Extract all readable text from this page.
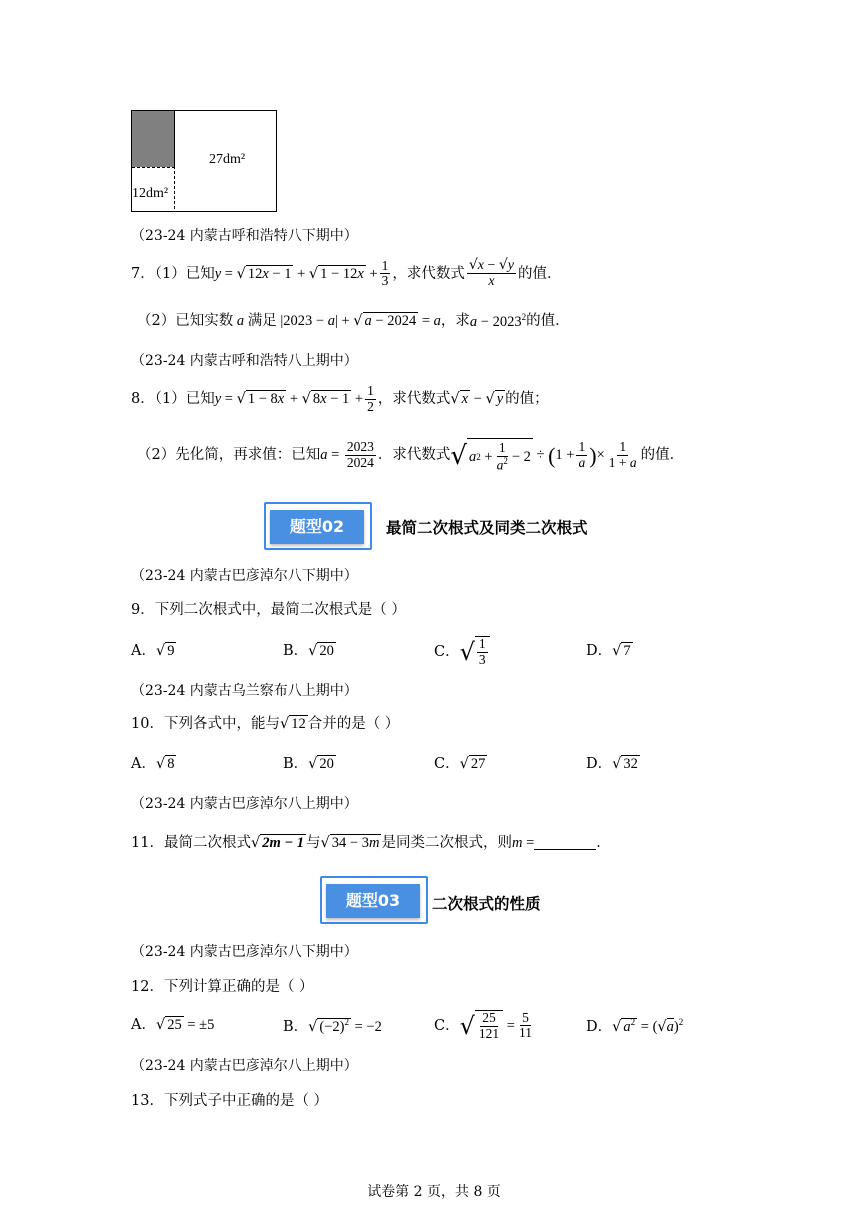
27dm²
12dm²
（23-24 内蒙古呼和浩特八下期中）
7．（1）已知 y = √ 12x − 1 + √ $1 - 12x + \frac{1}{3}$ ，求代数式 $\frac{√x - √y}{x}$ 的值．
（2）已知实数 a 满足 |2023 − a| + √ a − 2024 = a ，求 $a - 2023^2$ 的值．
（23-24 内蒙古呼和浩特八上期中）
8．（1）已知 y = √ 1 − 8x + √ $8x - 1 + \frac{1}{2}$ ，求代数式 √ x − √ y 的值；
（2）先化简，再求值：已知 $a = \frac{2023}{2024}$ ．求代数式 √ a $2 + \frac{1}{a^2} - 2$ ÷ ( $1 + \frac{1}{a}$ ) × $\frac{1}{1 + a}$ 的值．
题型02	最简二次根式及同类二次根式
（23-24 内蒙古巴彦淖尔八下期中）
9．下列二次根式中，最简二次根式是（ ）
A．√ 9	B．√ 20	C． √ $\frac{1}{3}$	D．√ 7
（23-24 内蒙古乌兰察布八上期中）
10．下列各式中，能与 √ 12 合并的是（ ）
A．√ 8	B．√ 20	C．√ 27	D．√ 32
（23-24 内蒙古巴彦淖尔八上期中）
11．最简二次根式 √ 2m − 1 与 √ 34 − 3m 是同类二次根式，则 m =	．
题型03	二次根式的性质
（23-24 内蒙古巴彦淖尔八下期中）
12．下列计算正确的是（ ）
A．√ 25 = ±5	B．√ $(-2)^2 = -2$	C． √ $\frac{25}{121} = \frac{5}{11}$	D．√ $a^2 = (√a)^2$
（23-24 内蒙古巴彦淖尔八上期中）
13．下列式子中正确的是（ ）
试卷第 2 页，共 8 页
